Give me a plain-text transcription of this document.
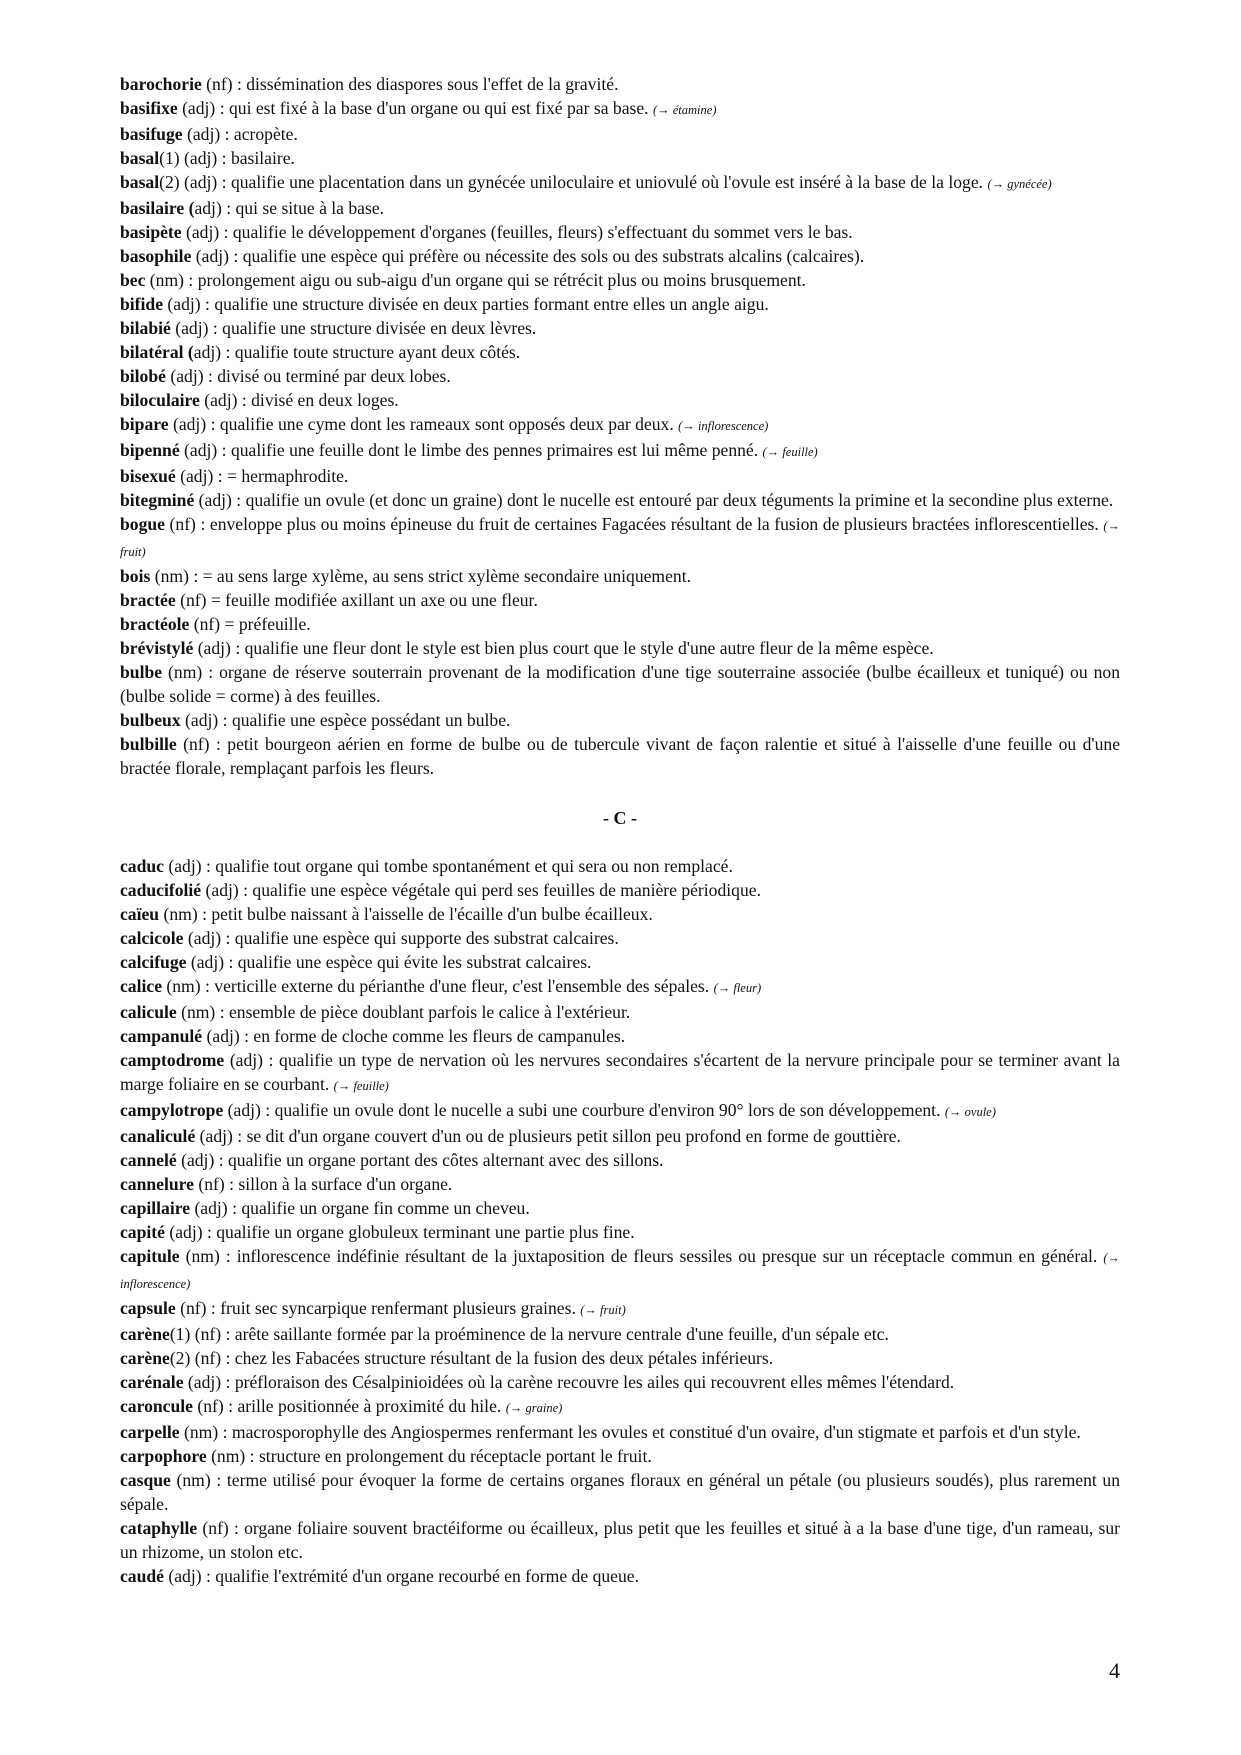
barochorie (nf) : dissémination des diaspores sous l'effet de la gravité.
basifixe (adj) : qui est fixé à la base d'un organe ou qui est fixé par sa base. (→ étamine)
basifuge (adj) : acropète.
basal(1) (adj) : basilaire.
basal(2) (adj) : qualifie une placentation dans un gynécée uniloculaire et uniovulé où l'ovule est inséré à la base de la loge. (→ gynécée)
basilaire (adj) : qui se situe à la base.
basipète (adj) : qualifie le développement d'organes (feuilles, fleurs) s'effectuant du sommet vers le bas.
basophile (adj) : qualifie une espèce qui préfère ou nécessite des sols ou des substrats alcalins (calcaires).
bec (nm) : prolongement aigu ou sub-aigu d'un organe qui se rétrécit plus ou moins brusquement.
bifide (adj) : qualifie une structure divisée en deux parties formant entre elles un angle aigu.
bilabié (adj) : qualifie une structure divisée en deux lèvres.
bilatéral (adj) : qualifie toute structure ayant deux côtés.
bilobé (adj) : divisé ou terminé par deux lobes.
biloculaire (adj) : divisé en deux loges.
bipare (adj) : qualifie une cyme dont les rameaux sont opposés deux par deux. (→ inflorescence)
bipenné (adj) : qualifie une feuille dont le limbe des pennes primaires est lui même penné. (→ feuille)
bisexué (adj) : = hermaphrodite.
bitegminé (adj) : qualifie un ovule (et donc un graine) dont le nucelle est entouré par deux téguments la primine et la secondine plus externe.
bogue (nf) : enveloppe plus ou moins épineuse du fruit de certaines Fagacées résultant de la fusion de plusieurs bractées inflorescentielles. (→ fruit)
bois (nm) : = au sens large xylème, au sens strict xylème secondaire uniquement.
bractée (nf) = feuille modifiée axillant un axe ou une fleur.
bractéole (nf) = préfeuille.
brévistylé (adj) : qualifie une fleur dont le style est bien plus court que le style d'une autre fleur de la même espèce.
bulbe (nm) : organe de réserve souterrain provenant de la modification d'une tige souterraine associée (bulbe écailleux et tuniqué) ou non (bulbe solide = corme) à des feuilles.
bulbeux (adj) : qualifie une espèce possédant un bulbe.
bulbille (nf) : petit bourgeon aérien en forme de bulbe ou de tubercule vivant de façon ralentie et situé à l'aisselle d'une feuille ou d'une bractée florale, remplaçant parfois les fleurs.
- C -
caduc (adj) : qualifie tout organe qui tombe spontanément et qui sera ou non remplacé.
caducifolié (adj) : qualifie une espèce végétale qui perd ses feuilles de manière périodique.
caïeu (nm) : petit bulbe naissant à l'aisselle de l'écaille d'un bulbe écailleux.
calcicole (adj) : qualifie une espèce qui supporte des substrat calcaires.
calcifuge (adj) : qualifie une espèce qui évite les substrat calcaires.
calice (nm) : verticille externe du périanthe d'une fleur, c'est l'ensemble des sépales. (→ fleur)
calicule (nm) : ensemble de pièce doublant parfois le calice à l'extérieur.
campanulé (adj) : en forme de cloche comme les fleurs de campanules.
camptodrome (adj) : qualifie un type de nervation où les nervures secondaires s'écartent de la nervure principale pour se terminer avant la marge foliaire en se courbant. (→ feuille)
campylotrope (adj) : qualifie un ovule dont le nucelle a subi une courbure d'environ 90° lors de son développement. (→ ovule)
canaliculé (adj) : se dit d'un organe couvert d'un ou de plusieurs petit sillon peu profond en forme de gouttière.
cannelé (adj) : qualifie un organe portant des côtes alternant avec des sillons.
cannelure (nf) : sillon à la surface d'un organe.
capillaire (adj) : qualifie un organe fin comme un cheveu.
capité (adj) : qualifie un organe globuleux terminant une partie plus fine.
capitule (nm) : inflorescence indéfinie résultant de la juxtaposition de fleurs sessiles ou presque sur un réceptacle commun en général. (→ inflorescence)
capsule (nf) : fruit sec syncarpique renfermant plusieurs graines. (→ fruit)
carène(1) (nf) : arête saillante formée par la proéminence de la nervure centrale d'une feuille, d'un sépale etc.
carène(2) (nf) : chez les Fabacées structure résultant de la fusion des deux pétales inférieurs.
carénale (adj) : préfloraison des Césalpinioidées où la carène recouvre les ailes qui recouvrent elles mêmes l'étendard.
caroncule (nf) : arille positionnée à proximité du hile. (→ graine)
carpelle (nm) : macrosporophylle des Angiospermes renfermant les ovules et constitué d'un ovaire, d'un stigmate et parfois et d'un style.
carpophore (nm) : structure en prolongement du réceptacle portant le fruit.
casque (nm) : terme utilisé pour évoquer la forme de certains organes floraux en général un pétale (ou plusieurs soudés), plus rarement un sépale.
cataphylle (nf) : organe foliaire souvent bractéiforme ou écailleux, plus petit que les feuilles et situé à a la base d'une tige, d'un rameau, sur un rhizome, un stolon etc.
caudé (adj) : qualifie l'extrémité d'un organe recourbé en forme de queue.
4
